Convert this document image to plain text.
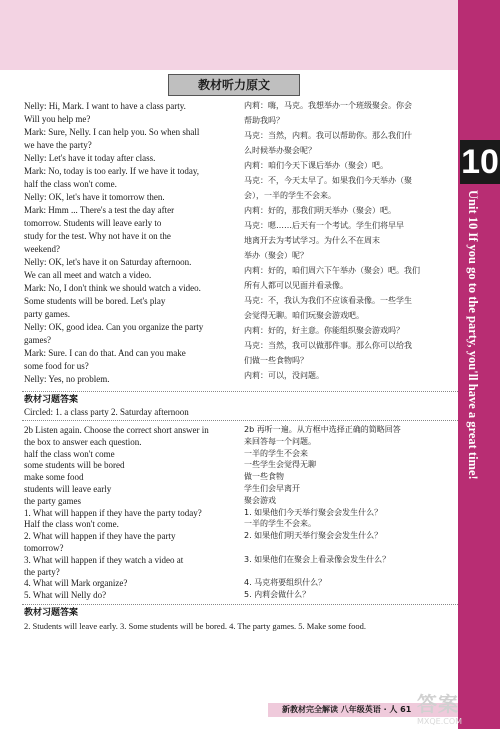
10
Unit 10 If you go to the party, you'll have a great time!
教材听力原文
Nelly: Hi, Mark. I want to have a class party.
Will you help me?
Mark: Sure, Nelly. I can help you. So when shall
we have the party?
Nelly: Let's have it today after class.
Mark: No, today is too early. If we have it today,
half the class won't come.
Nelly: OK, let's have it tomorrow then.
Mark: Hmm ... There's a test the day after
tomorrow. Students will leave early to
study for the test. Why not have it on the
weekend?
Nelly: OK, let's have it on Saturday afternoon.
We can all meet and watch a video.
Mark: No, I don't think we should watch a video.
Some students will be bored. Let's play
party games.
Nelly: OK, good idea. Can you organize the party
games?
Mark: Sure. I can do that. And can you make
some food for us?
Nelly: Yes, no problem.
内莉：嗨，马克。我想举办一个班级聚会。你会
帮助我吗？
马克：当然，内莉。我可以帮助你。那么我们什
么时候举办聚会呢？
内莉：咱们今天下课后举办（聚会）吧。
马克：不，今天太早了。如果我们今天举办（聚
会），一半的学生不会来。
内莉：好的，那我们明天举办（聚会）吧。
马克：嗯……后天有一个考试。学生们将早早
地离开去为考试学习。为什么不在周末
举办（聚会）呢？
内莉：好的，咱们周六下午举办（聚会）吧。我们
所有人都可以见面并看录像。
马克：不，我认为我们不应该看录像。一些学生
会觉得无聊。咱们玩聚会游戏吧。
内莉：好的，好主意。你能组织聚会游戏吗？
马克：当然，我可以做那件事。那么你可以给我
们做一些食物吗？
内莉：可以，没问题。
教材习题答案
Circled: 1. a class party 2. Saturday afternoon
2b Listen again. Choose the correct short answer in
the box to answer each question.
half the class won't come
some students will be bored
make some food
students will leave early
the party games
1. What will happen if they have the party today?
Half the class won't come.
2. What will happen if they have the party
tomorrow?
3. What will happen if they watch a video at
the party?
4. What will Mark organize?
5. What will Nelly do?
2b 再听一遍。从方框中选择正确的简略回答
来回答每一个问题。
一半的学生不会来
一些学生会觉得无聊
做一些食物
学生们会早离开
聚会游戏
1. 如果他们今天举行聚会会发生什么？
一半的学生不会来。
2. 如果他们明天举行聚会会发生什么？
3. 如果他们在聚会上看录像会发生什么？
4. 马克将要组织什么？
5. 内莉会做什么？
教材习题答案
2. Students will leave early. 3. Some students will be bored. 4. The party games. 5. Make some food.
新教材完全解读 八年级英语 · 人 61 答案
MXQE.COM
